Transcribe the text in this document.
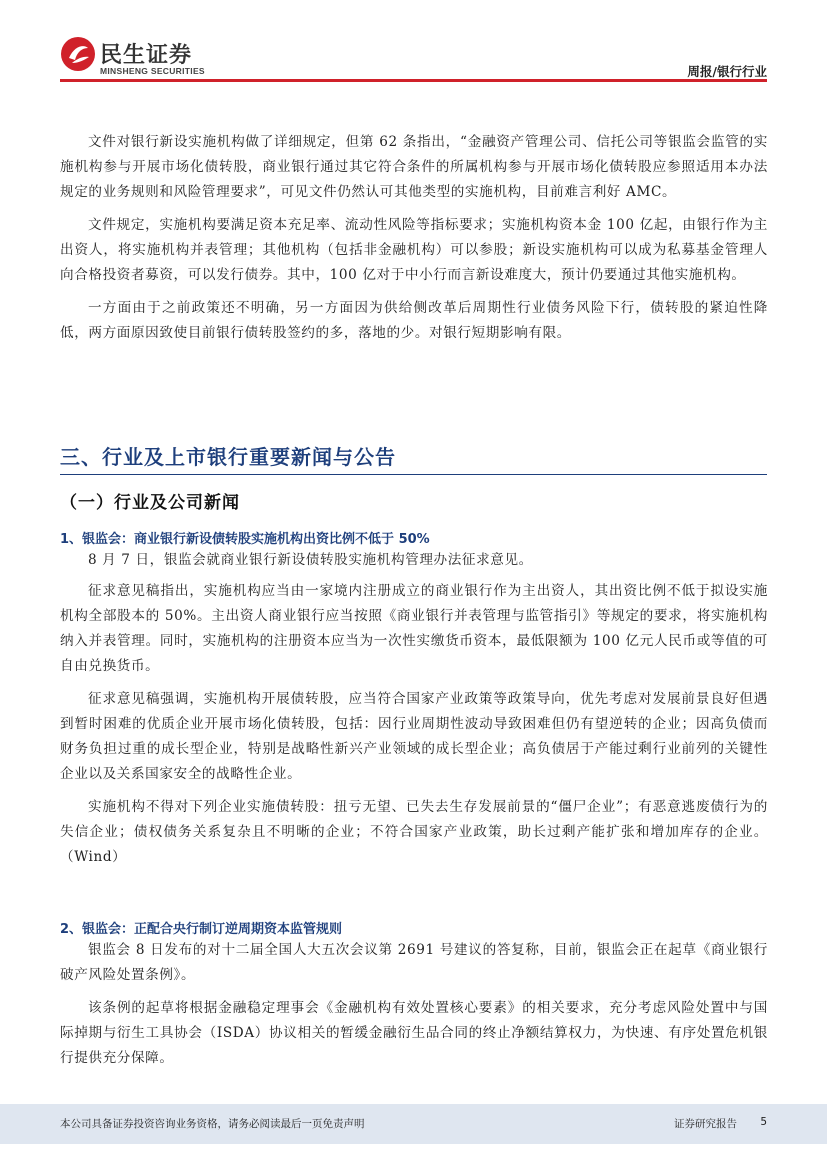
民生证券
MINSHENG SECURITIES	周报/银行行业

文件对银行新设实施机构做了详细规定，但第 62 条指出，“金融资产管理公司、信托公司等银监会监管的实施机构参与开展市场化债转股，商业银行通过其它符合条件的所属机构参与开展市场化债转股应参照适用本办法规定的业务规则和风险管理要求”，可见文件仍然认可其他类型的实施机构，目前难言利好 AMC。

文件规定，实施机构要满足资本充足率、流动性风险等指标要求；实施机构资本金 100 亿起，由银行作为主出资人，将实施机构并表管理；其他机构（包括非金融机构）可以参股；新设实施机构可以成为私募基金管理人向合格投资者募资，可以发行债券。其中，100 亿对于中小行而言新设难度大，预计仍要通过其他实施机构。

一方面由于之前政策还不明确，另一方面因为供给侧改革后周期性行业债务风险下行，债转股的紧迫性降低，两方面原因致使目前银行债转股签约的多，落地的少。对银行短期影响有限。

三、行业及上市银行重要新闻与公告
（一）行业及公司新闻
1、银监会：商业银行新设债转股实施机构出资比例不低于 50%

8 月 7 日，银监会就商业银行新设债转股实施机构管理办法征求意见。

征求意见稿指出，实施机构应当由一家境内注册成立的商业银行作为主出资人，其出资比例不低于拟设实施机构全部股本的 50%。主出资人商业银行应当按照《商业银行并表管理与监管指引》等规定的要求，将实施机构纳入并表管理。同时，实施机构的注册资本应当为一次性实缴货币资本，最低限额为 100 亿元人民币或等值的可自由兑换货币。

征求意见稿强调，实施机构开展债转股，应当符合国家产业政策等政策导向，优先考虑对发展前景良好但遇到暂时困难的优质企业开展市场化债转股，包括：因行业周期性波动导致困难但仍有望逆转的企业；因高负债而财务负担过重的成长型企业，特别是战略性新兴产业领域的成长型企业；高负债居于产能过剩行业前列的关键性企业以及关系国家安全的战略性企业。

实施机构不得对下列企业实施债转股：扭亏无望、已失去生存发展前景的“僵尸企业”；有恶意逃废债行为的失信企业；债权债务关系复杂且不明晰的企业；不符合国家产业政策，助长过剩产能扩张和增加库存的企业。（Wind）

2、银监会：正配合央行制订逆周期资本监管规则

银监会 8 日发布的对十二届全国人大五次会议第 2691 号建议的答复称，目前，银监会正在起草《商业银行破产风险处置条例》。

该条例的起草将根据金融稳定理事会《金融机构有效处置核心要素》的相关要求，充分考虑风险处置中与国际掉期与衍生工具协会（ISDA）协议相关的暂缓金融衍生品合同的终止净额结算权力，为快速、有序处置危机银行提供充分保障。

本公司具备证券投资咨询业务资格，请务必阅读最后一页免责声明	证券研究报告 5
